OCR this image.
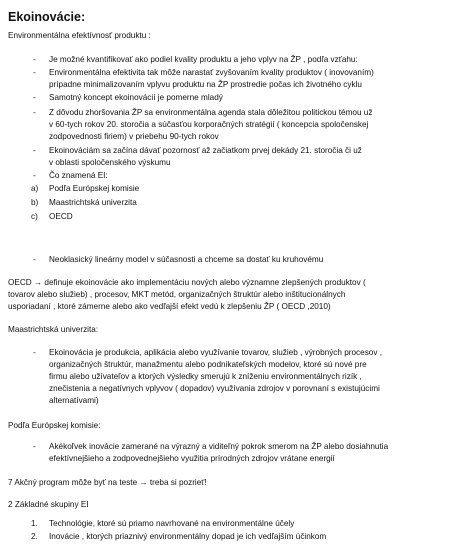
Ekoinovácie:
Environmentálna efektívnosť produktu :
- Je možné kvantifikovať ako podiel kvality produktu a jeho vplyv na ŽP , podľa vzťahu:
- Environmentálna efektivita tak môže narastať zvyšovaním kvality produktov ( inovovaním)
prípadne minimalizovaním vplyvu produktu na ŽP prostredie počas ich životného cyklu
- Samotný koncept ekoinovácií je pomerne mladý
- Z dôvodu zhoršovania ŽP sa environmentálna agenda stala dôležitou politickou témou už
v 60-tych rokov 20. storočia a súčasťou korporačných stratégií ( koncepcia spoločenskej
zodpovednosti firiem) v priebehu 90-tych rokov
- Ekoinováciám sa začína dávať pozornosť až začiatkom prvej dekády 21. storočia či už
v oblasti spoločenského výskumu
- Čo znamená EI:
a) Podľa Európskej komisie
b) Maastrichtská univerzita
c) OECD
- Neoklasický lineárny model v súčasnosti a chceme sa dostať ku kruhovému
OECD → definuje ekoinovácie ako implementáciu nových alebo významne zlepšených produktov (
tovarov alebo služieb) , procesov, MKT metód, organizačných štruktúr alebo inštitucionálnych
usporiadaní , ktoré zámerne alebo ako vedľajší efekt vedú k zlepšeniu ŽP ( OECD ,2010)
Maastrichtská univerzita:
- Ekoinovácia je produkcia, aplikácia alebo využívanie tovarov, služieb , výrobných procesov ,
organizačných štruktúr, manažmentu alebo podnikateľských modelov, ktoré sú nové pre
firmu alebo užívateľov a ktorých výsledky smerujú k zníženiu environmentálnych rizík ,
znečistenia a negatívnych vplyvov ( dopadov) využívania zdrojov v porovnaní s existujúcimi
alternatívami)
Podľa Európskej komisie:
- Akékoľvek inovácie zamerané na výrazný a viditeľný pokrok smerom na ŽP alebo dosiahnutia
efektívnejšieho a zodpovednejšieho využitia prírodných zdrojov vrátane energií
7 Akčný program môže byť na teste → treba si pozrieť!
2 Základné skupiny EI
1. Technológie, ktoré sú priamo navrhované na environmentálne účely
2. Inovácie , ktorých priaznivý environmentálny dopad je ich vedľajším účinkom
